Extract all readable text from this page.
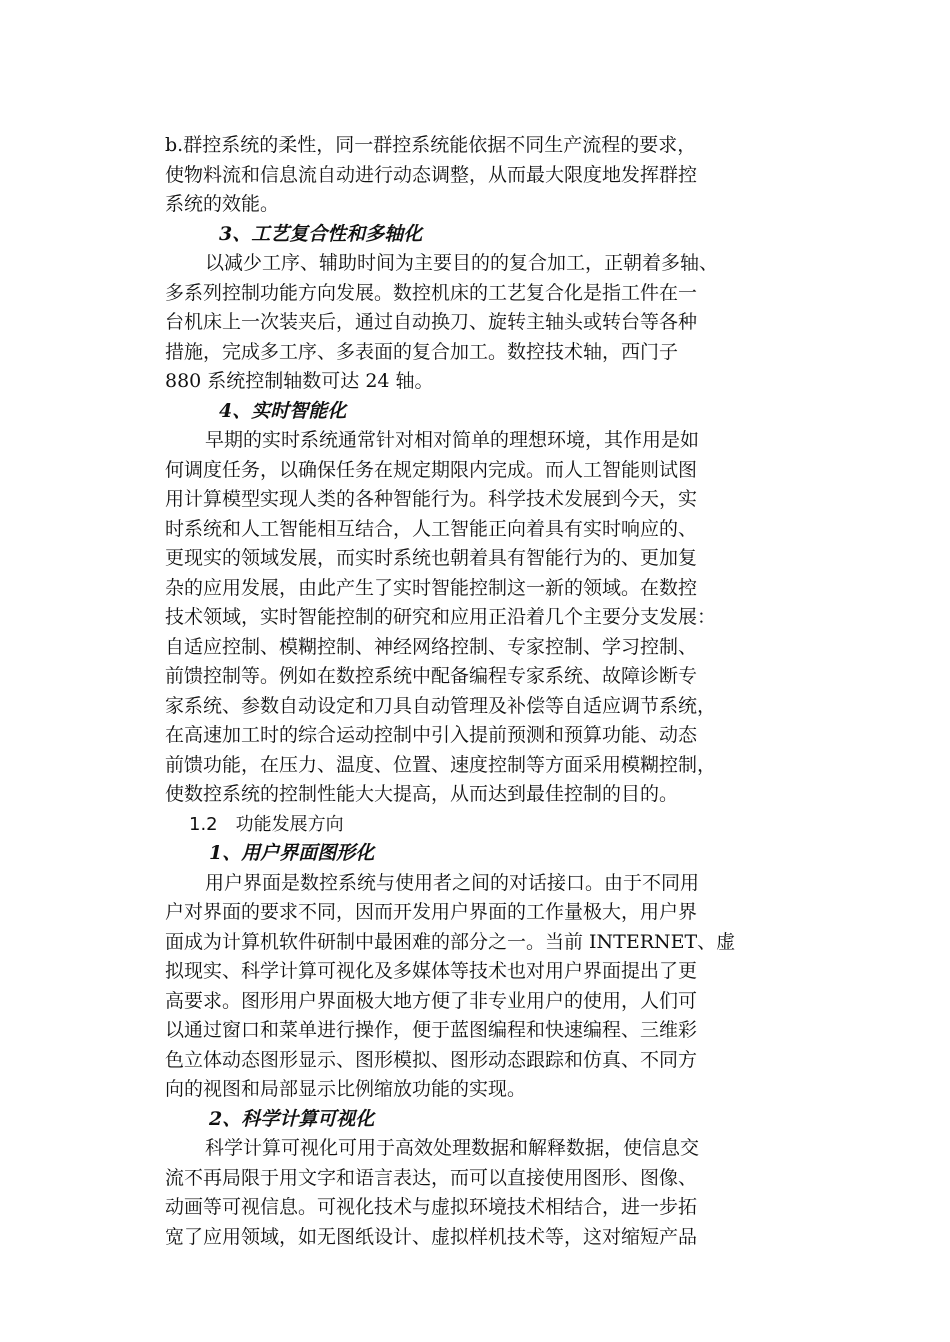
b.群控系统的柔性，同一群控系统能依据不同生产流程的要求，
使物料流和信息流自动进行动态调整，从而最大限度地发挥群控
系统的效能。
3、工艺复合性和多轴化
以减少工序、辅助时间为主要目的的复合加工，正朝着多轴、
多系列控制功能方向发展。数控机床的工艺复合化是指工件在一
台机床上一次装夹后，通过自动换刀、旋转主轴头或转台等各种
措施，完成多工序、多表面的复合加工。数控技术轴，西门子
880 系统控制轴数可达 24 轴。
4、实时智能化
早期的实时系统通常针对相对简单的理想环境，其作用是如
何调度任务，以确保任务在规定期限内完成。而人工智能则试图
用计算模型实现人类的各种智能行为。科学技术发展到今天，实
时系统和人工智能相互结合，人工智能正向着具有实时响应的、
更现实的领域发展，而实时系统也朝着具有智能行为的、更加复
杂的应用发展，由此产生了实时智能控制这一新的领域。在数控
技术领域，实时智能控制的研究和应用正沿着几个主要分支发展：
自适应控制、模糊控制、神经网络控制、专家控制、学习控制、
前馈控制等。例如在数控系统中配备编程专家系统、故障诊断专
家系统、参数自动设定和刀具自动管理及补偿等自适应调节系统，
在高速加工时的综合运动控制中引入提前预测和预算功能、动态
前馈功能，在压力、温度、位置、速度控制等方面采用模糊控制，
使数控系统的控制性能大大提高，从而达到最佳控制的目的。
1.2　功能发展方向
1、用户界面图形化
用户界面是数控系统与使用者之间的对话接口。由于不同用
户对界面的要求不同，因而开发用户界面的工作量极大，用户界
面成为计算机软件研制中最困难的部分之一。当前 INTERNET、虚
拟现实、科学计算可视化及多媒体等技术也对用户界面提出了更
高要求。图形用户界面极大地方便了非专业用户的使用，人们可
以通过窗口和菜单进行操作，便于蓝图编程和快速编程、三维彩
色立体动态图形显示、图形模拟、图形动态跟踪和仿真、不同方
向的视图和局部显示比例缩放功能的实现。
2、科学计算可视化
科学计算可视化可用于高效处理数据和解释数据，使信息交
流不再局限于用文字和语言表达，而可以直接使用图形、图像、
动画等可视信息。可视化技术与虚拟环境技术相结合，进一步拓
宽了应用领域，如无图纸设计、虚拟样机技术等，这对缩短产品
